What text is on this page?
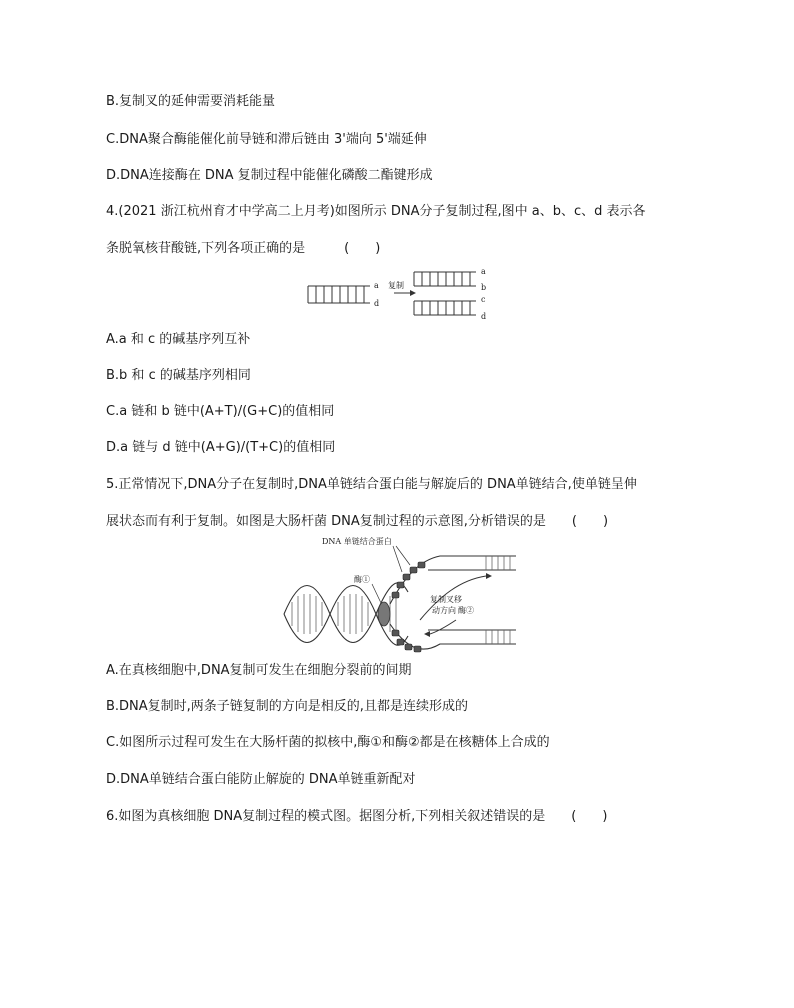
B.复制叉的延伸需要消耗能量
C.DNA聚合酶能催化前导链和滞后链由 3'端向 5'端延伸
D.DNA连接酶在 DNA 复制过程中能催化磷酸二酯键形成
4.(2021 浙江杭州育才中学高二上月考)如图所示 DNA分子复制过程,图中 a、b、c、d 表示各
条脱氧核苷酸链,下列各项正确的是　　　(　　)
a
d
复制
a
b
c
d
A.a 和 c 的碱基序列互补
B.b 和 c 的碱基序列相同
C.a 链和 b 链中(A+T)/(G+C)的值相同
D.a 链与 d 链中(A+G)/(T+C)的值相同
5.正常情况下,DNA分子在复制时,DNA单链结合蛋白能与解旋后的 DNA单链结合,使单链呈伸
展状态而有利于复制。如图是大肠杆菌 DNA复制过程的示意图,分析错误的是　　(　　)
DNA 单链结合蛋白
酶①
复制叉移
动方向 酶②
A.在真核细胞中,DNA复制可发生在细胞分裂前的间期
B.DNA复制时,两条子链复制的方向是相反的,且都是连续形成的
C.如图所示过程可发生在大肠杆菌的拟核中,酶①和酶②都是在核糖体上合成的
D.DNA单链结合蛋白能防止解旋的 DNA单链重新配对
6.如图为真核细胞 DNA复制过程的模式图。据图分析,下列相关叙述错误的是　　(　　)
